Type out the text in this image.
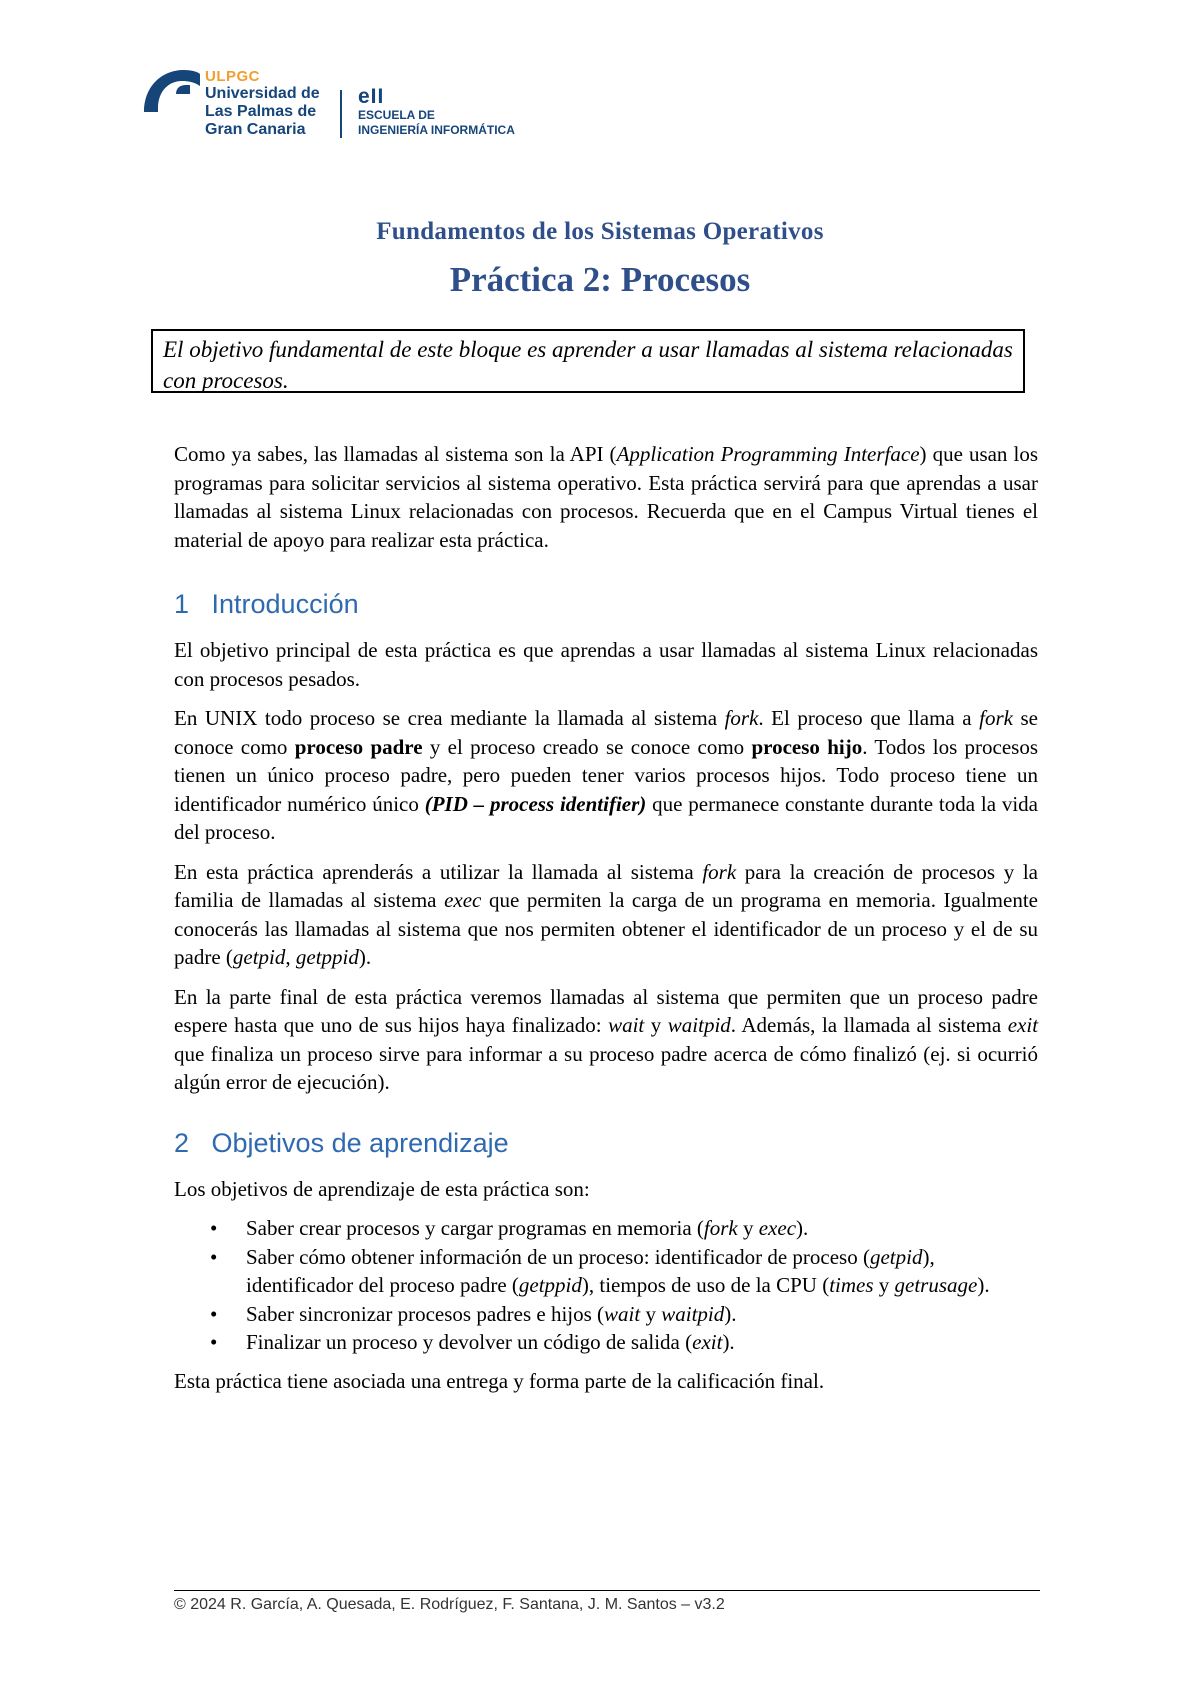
ULPGC
Universidad de
Las Palmas de
Gran Canaria
eII
ESCUELA DE
INGENIERÍA INFORMÁTICA
Fundamentos de los Sistemas Operativos
Práctica 2: Procesos
El objetivo fundamental de este bloque es aprender a usar llamadas al sistema relacionadas con procesos.

Como ya sabes, las llamadas al sistema son la API (Application Programming Interface) que usan los programas para solicitar servicios al sistema operativo. Esta práctica servirá para que aprendas a usar llamadas al sistema Linux relacionadas con procesos. Recuerda que en el Campus Virtual tienes el material de apoyo para realizar esta práctica.

1 Introducción

El objetivo principal de esta práctica es que aprendas a usar llamadas al sistema Linux relacionadas con procesos pesados.

En UNIX todo proceso se crea mediante la llamada al sistema fork. El proceso que llama a fork se conoce como proceso padre y el proceso creado se conoce como proceso hijo. Todos los procesos tienen un único proceso padre, pero pueden tener varios procesos hijos. Todo proceso tiene un identificador numérico único (PID – process identifier) que permanece constante durante toda la vida del proceso.

En esta práctica aprenderás a utilizar la llamada al sistema fork para la creación de procesos y la familia de llamadas al sistema exec que permiten la carga de un programa en memoria. Igualmente conocerás las llamadas al sistema que nos permiten obtener el identificador de un proceso y el de su padre (getpid, getppid).

En la parte final de esta práctica veremos llamadas al sistema que permiten que un proceso padre espere hasta que uno de sus hijos haya finalizado: wait y waitpid. Además, la llamada al sistema exit que finaliza un proceso sirve para informar a su proceso padre acerca de cómo finalizó (ej. si ocurrió algún error de ejecución).

2 Objetivos de aprendizaje

Los objetivos de aprendizaje de esta práctica son:

• Saber crear procesos y cargar programas en memoria (fork y exec).
• Saber cómo obtener información de un proceso: identificador de proceso (getpid), identificador del proceso padre (getppid), tiempos de uso de la CPU (times y getrusage).
• Saber sincronizar procesos padres e hijos (wait y waitpid).
• Finalizar un proceso y devolver un código de salida (exit).

Esta práctica tiene asociada una entrega y forma parte de la calificación final.

© 2024 R. García, A. Quesada, E. Rodríguez, F. Santana, J. M. Santos – v3.2
